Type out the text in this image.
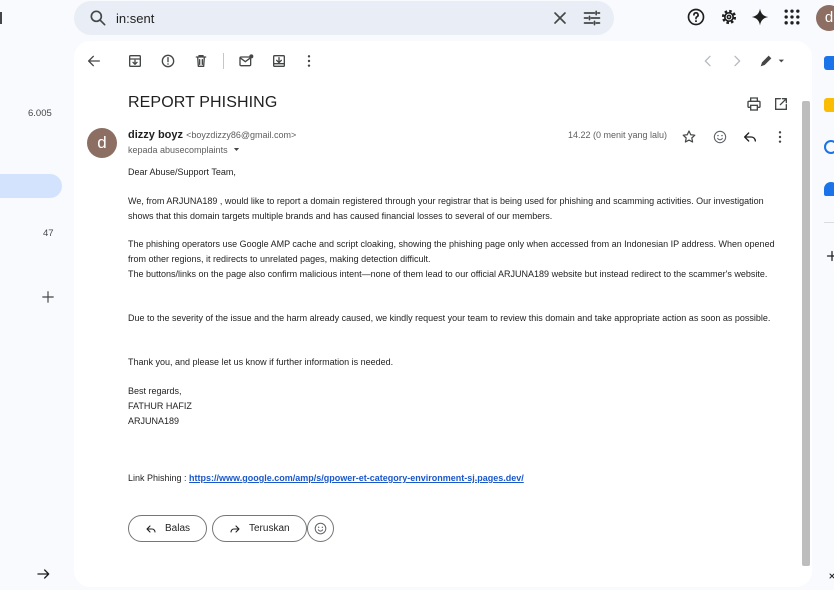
in:sent
d
6.005
47
REPORT PHISHING
d	dizzy boyz <boyzdizzy86@gmail.com>
kepada abusecomplaints
14.22 (0 menit yang lalu)
Dear Abuse/Support Team,
We, from ARJUNA189 , would like to report a domain registered through your registrar that is being used for phishing and scamming activities. Our investigation shows that this domain targets multiple brands and has caused financial losses to several of our members.
The phishing operators use Google AMP cache and script cloaking, showing the phishing page only when accessed from an Indonesian IP address. When opened from other regions, it redirects to unrelated pages, making detection difficult.
The buttons/links on the page also confirm malicious intent—none of them lead to our official ARJUNA189 website but instead redirect to the scammer's website.
Due to the severity of the issue and the harm already caused, we kindly request your team to review this domain and take appropriate action as soon as possible.
Thank you, and please let us know if further information is needed.
Best regards,
FATHUR HAFIZ
ARJUNA189
Link Phishing : https://www.google.com/amp/s/gpower-et-category-environment-sj.pages.dev/
Balas	Teruskan
